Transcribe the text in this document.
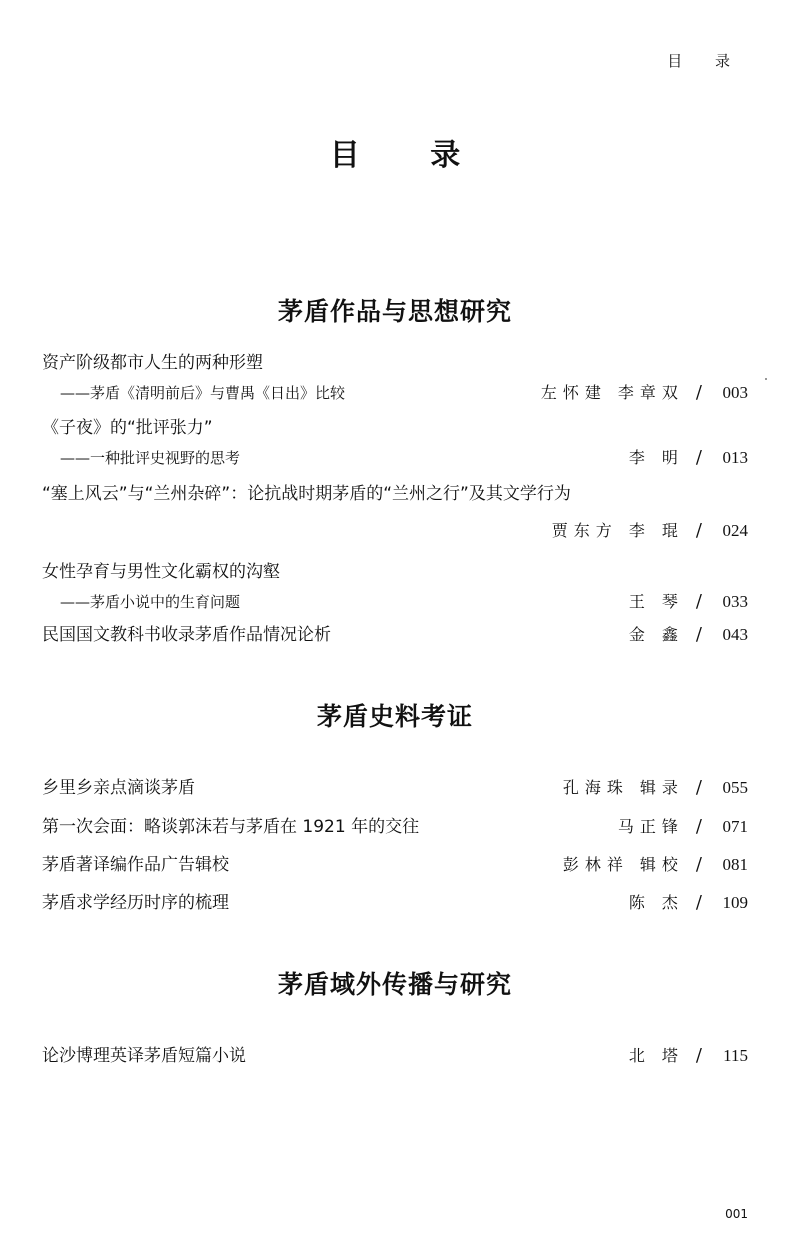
目 录
目 录
茅盾作品与思想研究
资产阶级都市人生的两种形塑
——茅盾《清明前后》与曹禺《日出》比较	左怀建 李章双 / 003
《子夜》的“批评张力”
——一种批评史视野的思考	李 明 / 013
“塞上风云”与“兰州杂碎”：论抗战时期茅盾的“兰州之行”及其文学行为
贾东方 李 琨 / 024
女性孕育与男性文化霸权的沟壑
——茅盾小说中的生育问题	王 琴 / 033
民国国文教科书收录茅盾作品情况论析	金 鑫 / 043
茅盾史料考证
乡里乡亲点滴谈茅盾	孔海珠 辑录 / 055
第一次会面：略谈郭沫若与茅盾在 1921 年的交往	马正锋 / 071
茅盾著译编作品广告辑校	彭林祥 辑校 / 081
茅盾求学经历时序的梳理	陈 杰 / 109
茅盾域外传播与研究
论沙博理英译茅盾短篇小说	北 塔 /	115
001
